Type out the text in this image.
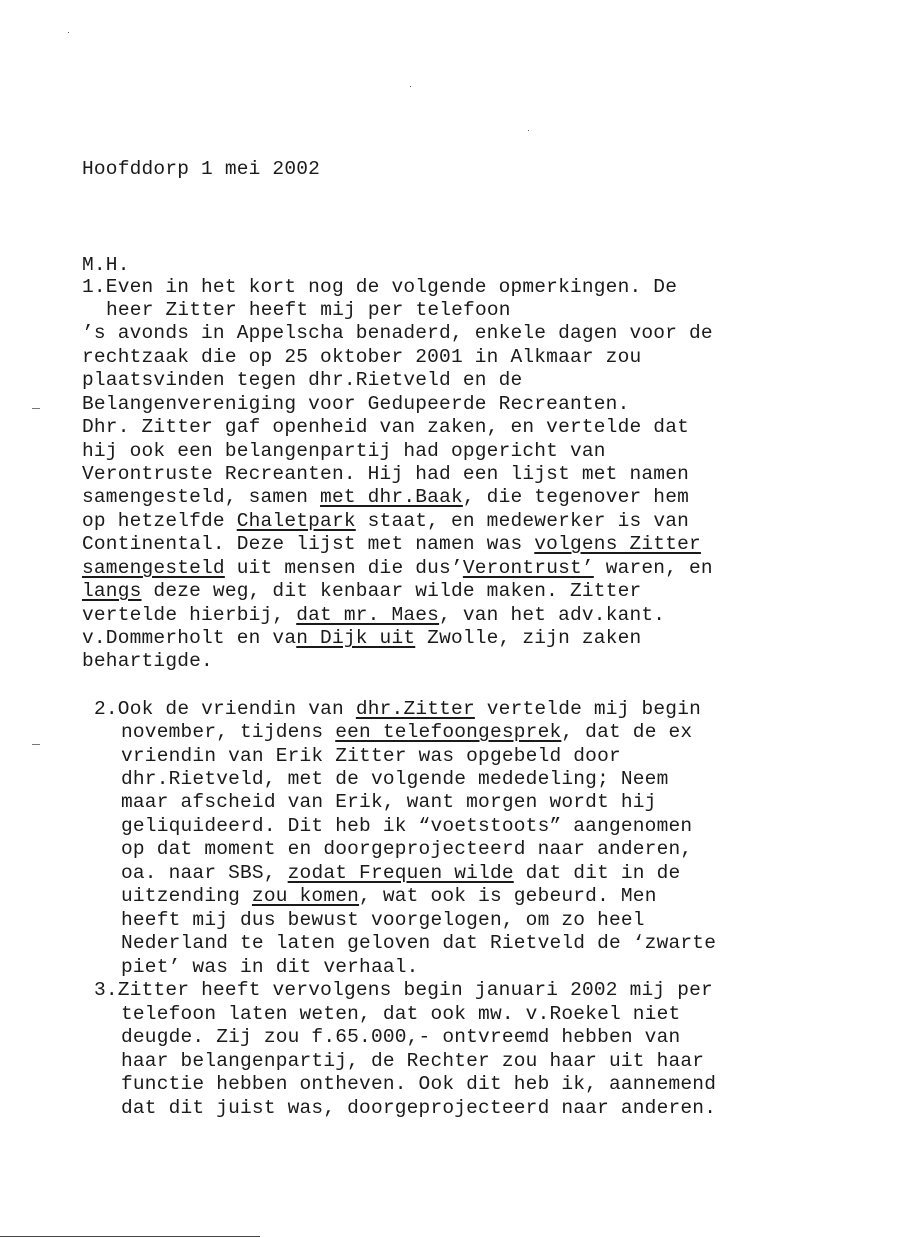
Hoofddorp 1 mei 2002
M.H.
1.Even in het kort nog de volgende opmerkingen. De
heer Zitter heeft mij per telefoon
’s avonds in Appelscha benaderd, enkele dagen voor de
rechtzaak die op 25 oktober 2001 in Alkmaar zou
plaatsvinden tegen dhr.Rietveld en de
Belangenvereniging voor Gedupeerde Recreanten.
Dhr. Zitter gaf openheid van zaken, en vertelde dat
hij ook een belangenpartij had opgericht van
Verontruste Recreanten. Hij had een lijst met namen
samengesteld, samen met dhr.Baak, die tegenover hem
op hetzelfde Chaletpark staat, en medewerker is van
Continental. Deze lijst met namen was volgens Zitter
samengesteld uit mensen die dus’Verontrust’ waren, en
langs deze weg, dit kenbaar wilde maken. Zitter
vertelde hierbij, dat mr. Maes, van het adv.kant.
v.Dommerholt en van Dijk uit Zwolle, zijn zaken
behartigde.
2.Ook de vriendin van dhr.Zitter vertelde mij begin
november, tijdens een telefoongesprek, dat de ex
vriendin van Erik Zitter was opgebeld door
dhr.Rietveld, met de volgende mededeling; Neem
maar afscheid van Erik, want morgen wordt hij
geliquideerd. Dit heb ik “voetstoots” aangenomen
op dat moment en doorgeprojecteerd naar anderen,
oa. naar SBS, zodat Frequen wilde dat dit in de
uitzending zou komen, wat ook is gebeurd. Men
heeft mij dus bewust voorgelogen, om zo heel
Nederland te laten geloven dat Rietveld de ‘zwarte
piet’ was in dit verhaal.
3.Zitter heeft vervolgens begin januari 2002 mij per
telefoon laten weten, dat ook mw. v.Roekel niet
deugde. Zij zou f.65.000,- ontvreemd hebben van
haar belangenpartij, de Rechter zou haar uit haar
functie hebben ontheven. Ook dit heb ik, aannemend
dat dit juist was, doorgeprojecteerd naar anderen.
